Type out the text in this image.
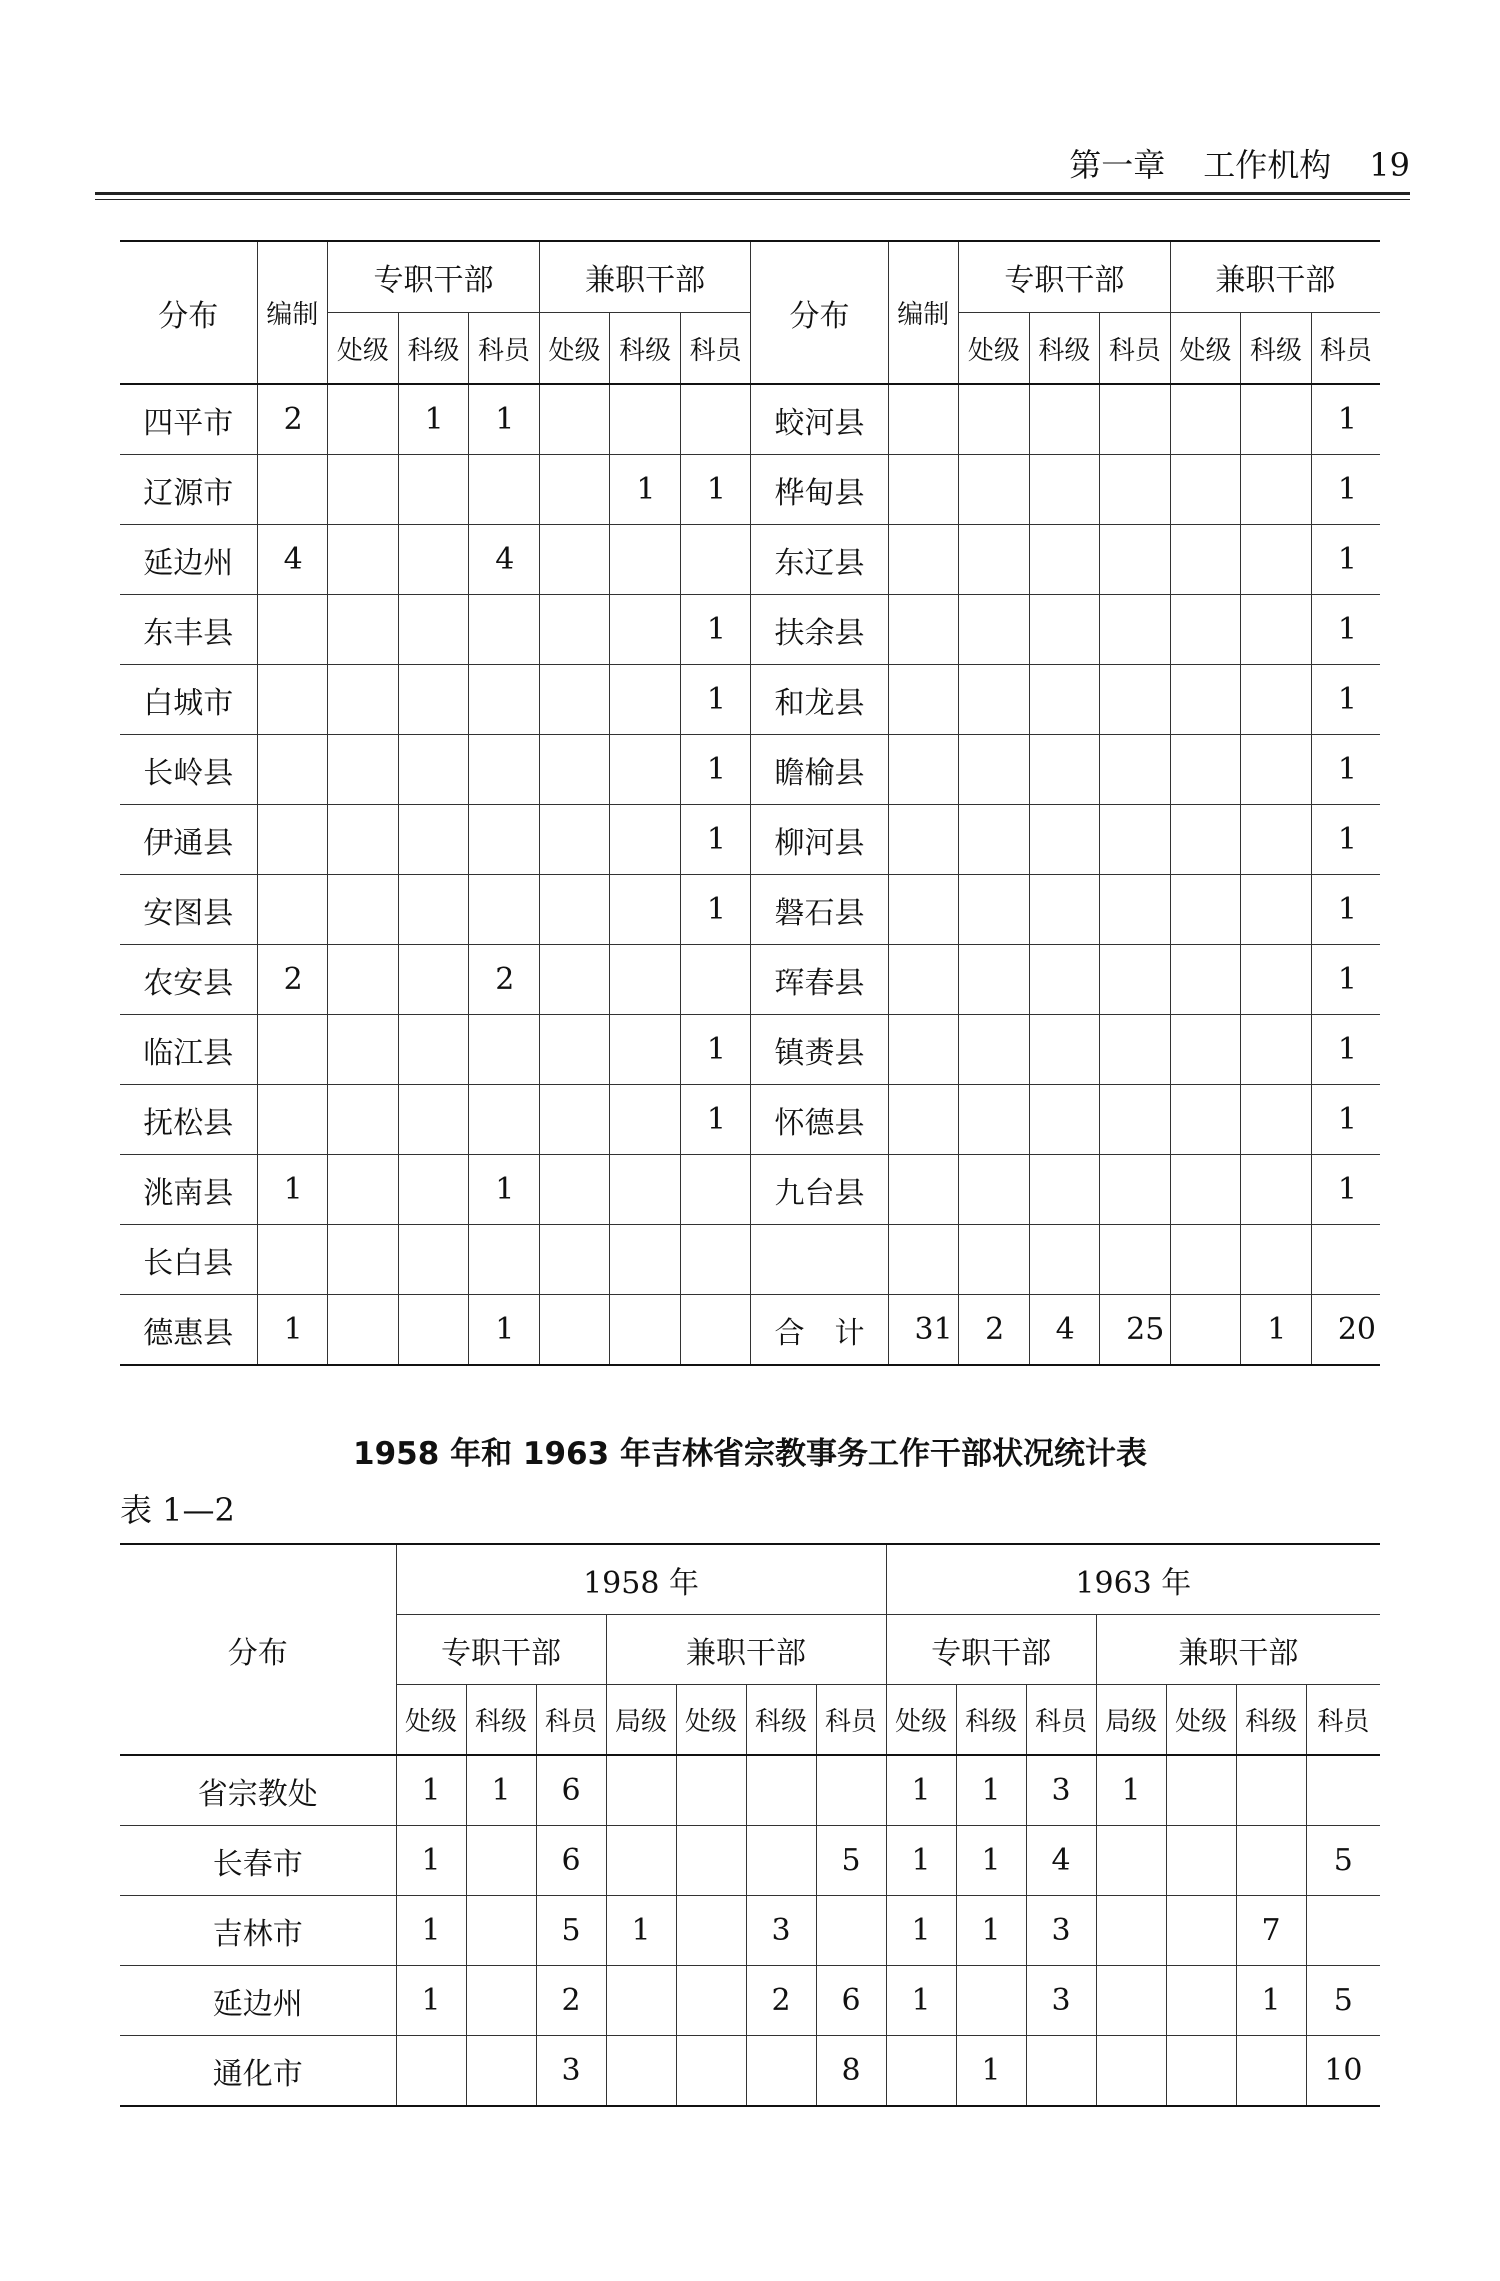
第一章 工作机构 19
分布	编制	专职干部			兼职干部			分布	编制	专职干部			兼职干部		
		处级	科级	科员	处级	科级	科员			处级	科级	科员	处级	科级	科员
四平市	2		1	1				蛟河县							1
辽源市						1	1	桦甸县							1
延边州	4			4				东辽县							1
东丰县							1	扶余县							1
白城市							1	和龙县							1
长岭县							1	瞻榆县							1
伊通县							1	柳河县							1
安图县							1	磐石县							1
农安县	2			2				珲春县							1
临江县							1	镇赉县							1
抚松县							1	怀德县							1
洮南县	1			1				九台县							1
长白县															
德惠县	1			1				合　计	31	2	4	25		1	20
1958 年和 1963 年吉林省宗教事务工作干部状况统计表
表 1—2
分布	1958 年							1963 年						
	专职干部			兼职干部				专职干部			兼职干部			
	处级	科级	科员	局级	处级	科级	科员	处级	科级	科员	局级	处级	科级	科员
省宗教处	1	1	6					1	1	3	1			
长春市	1		6				5	1	1	4				5
吉林市	1		5	1		3		1	1	3			7	
延边州	1		2			2	6	1		3			1	5
通化市			3				8		1					10
